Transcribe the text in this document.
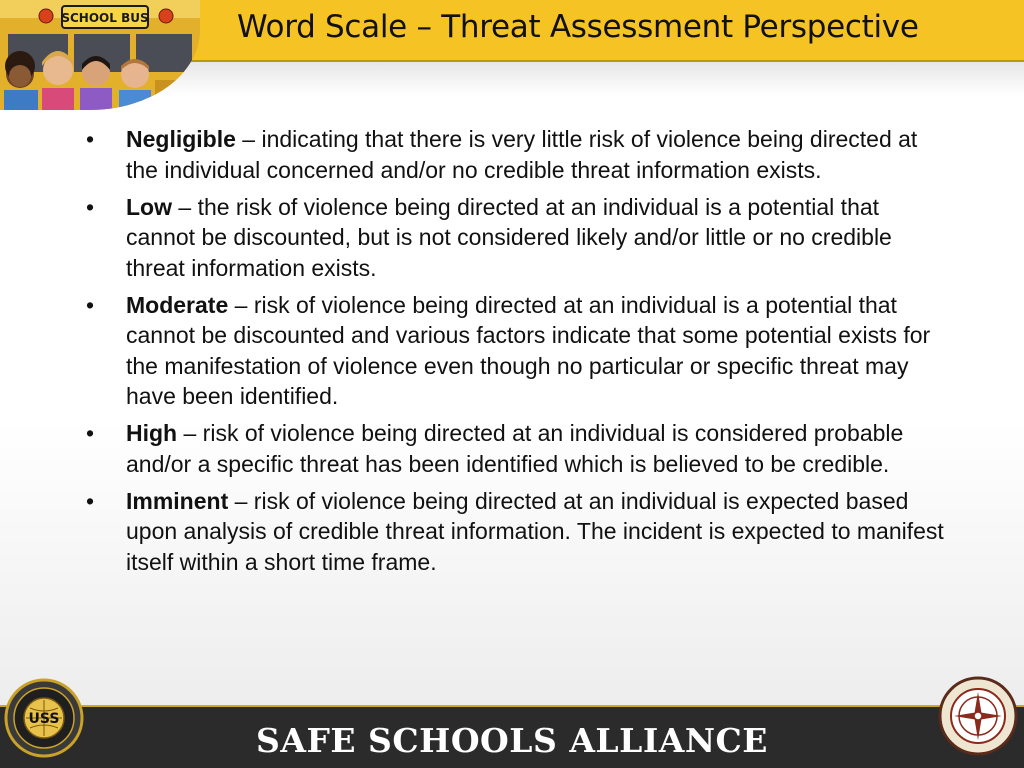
Word Scale – Threat Assessment Perspective
SCHOOL BUS
• Negligible – indicating that there is very little risk of violence being directed at the individual concerned and/or no credible threat information exists.
• Low – the risk of violence being directed at an individual is a potential that cannot be discounted, but is not considered likely and/or little or no credible threat information exists.
• Moderate – risk of violence being directed at an individual is a potential that cannot be discounted and various factors indicate that some potential exists for the manifestation of violence even though no particular or specific threat may have been identified.
• High – risk of violence being directed at an individual is considered probable and/or a specific threat has been identified which is believed to be credible.
• Imminent – risk of violence being directed at an individual is expected based upon analysis of credible threat information. The incident is expected to manifest itself within a short time frame.
SAFE SCHOOLS ALLIANCE
USS
